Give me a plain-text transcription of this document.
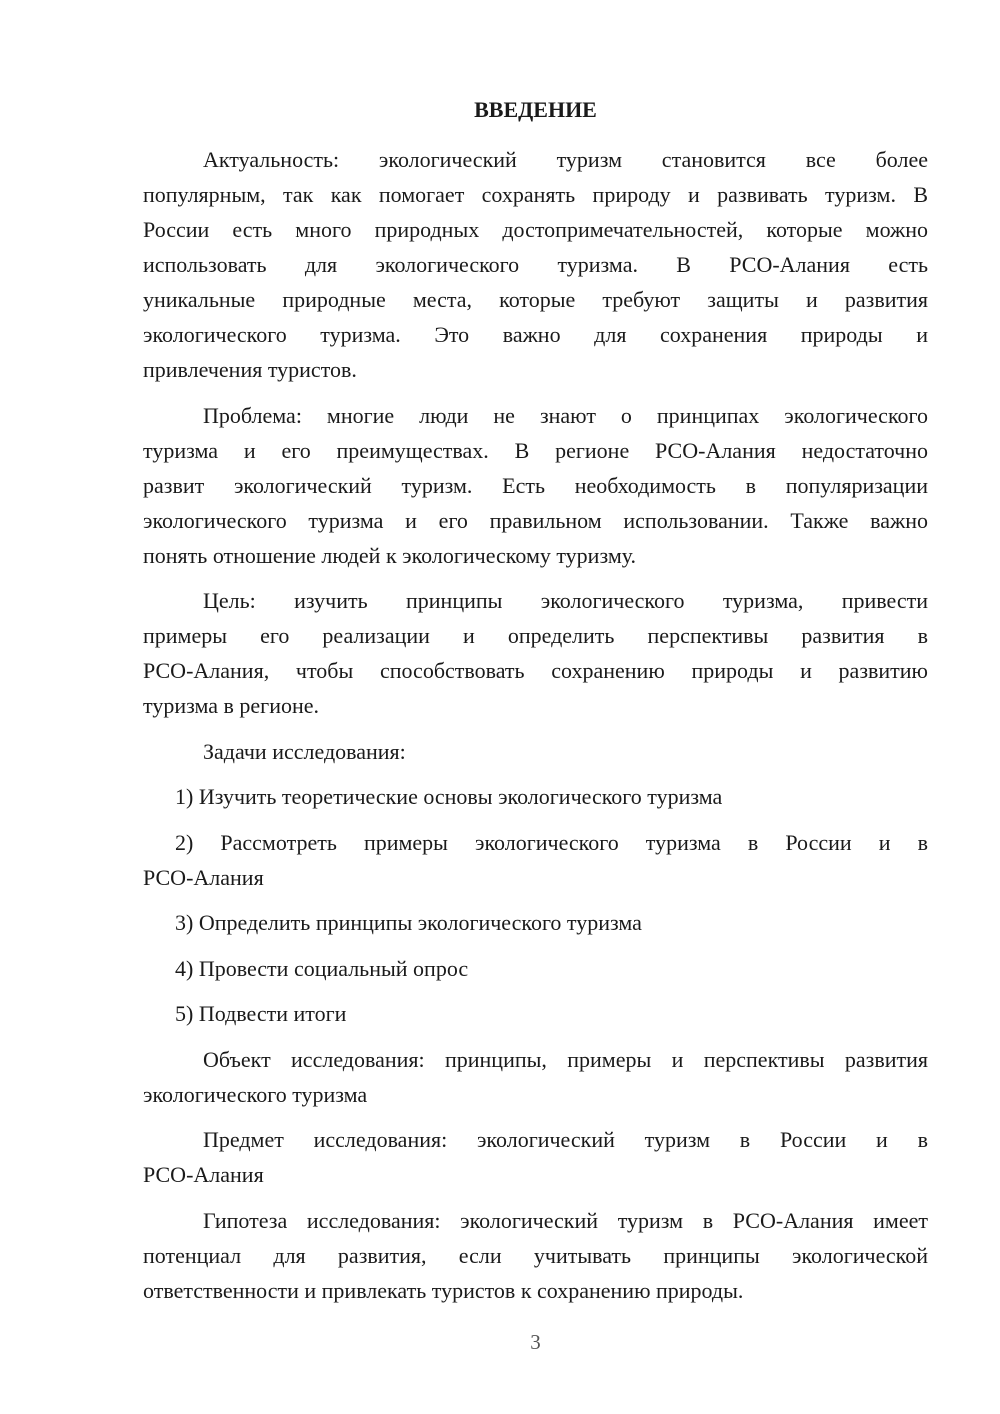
ВВЕДЕНИЕ
Актуальность: экологический туризм становится все более
популярным, так как помогает сохранять природу и развивать туризм. В
России есть много природных достопримечательностей, которые можно
использовать для экологического туризма. В РСО-Алания есть
уникальные природные места, которые требуют защиты и развития
экологического туризма. Это важно для сохранения природы и
привлечения туристов.
Проблема: многие люди не знают о принципах экологического
туризма и его преимуществах. В регионе РСО-Алания недостаточно
развит экологический туризм. Есть необходимость в популяризации
экологического туризма и его правильном использовании. Также важно
понять отношение людей к экологическому туризму.
Цель: изучить принципы экологического туризма, привести
примеры его реализации и определить перспективы развития в
РСО-Алания, чтобы способствовать сохранению природы и развитию
туризма в регионе.
Задачи исследования:
1) Изучить теоретические основы экологического туризма
2) Рассмотреть примеры экологического туризма в России и в
РСО-Алания
3) Определить принципы экологического туризма
4) Провести социальный опрос
5) Подвести итоги
Объект исследования: принципы, примеры и перспективы развития
экологического туризма
Предмет исследования: экологический туризм в России и в
РСО-Алания
Гипотеза исследования: экологический туризм в РСО-Алания имеет
потенциал для развития, если учитывать принципы экологической
ответственности и привлекать туристов к сохранению природы.
3
